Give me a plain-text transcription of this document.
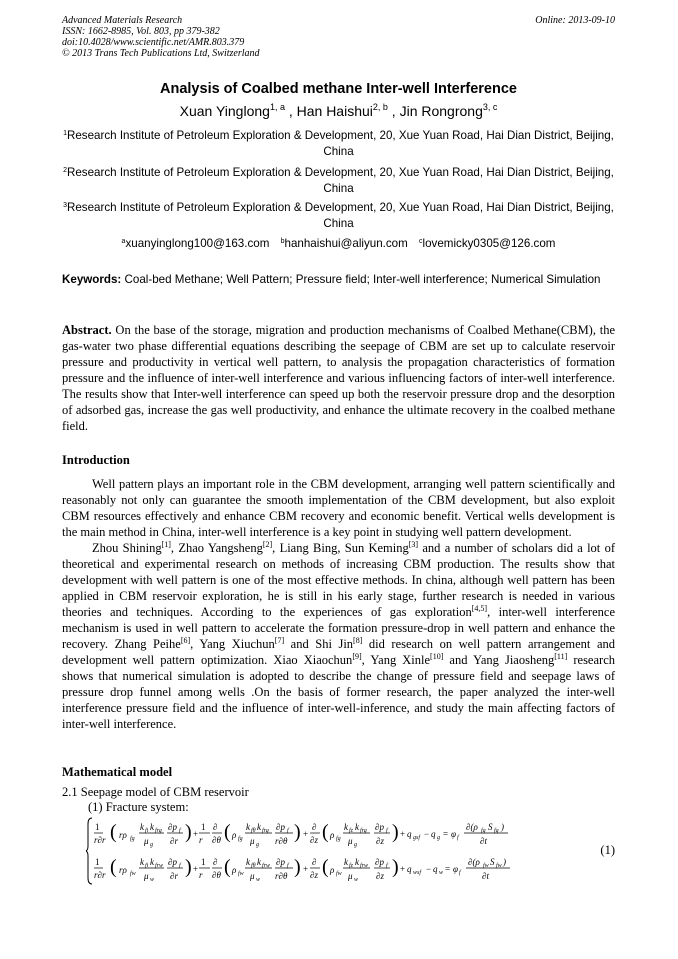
Advanced Materials Research
ISSN: 1662-8985, Vol. 803, pp 379-382
doi:10.4028/www.scientific.net/AMR.803.379
© 2013 Trans Tech Publications Ltd, Switzerland
Online: 2013-09-10
Analysis of Coalbed methane Inter-well Interference
Xuan Yinglong$^{1, a}$ , Han Haishui$^{2, b}$ , Jin Rongrong$^{3, c}$
$^1$Research Institute of Petroleum Exploration & Development, 20, Xue Yuan Road, Hai Dian District, Beijing, China
$^2$Research Institute of Petroleum Exploration & Development, 20, Xue Yuan Road, Hai Dian District, Beijing, China
$^3$Research Institute of Petroleum Exploration & Development, 20, Xue Yuan Road, Hai Dian District, Beijing, China
$^a$xuanyinglong100@163.com $^b$hanhaishui@aliyun.com $^c$lovemicky0305@126.com
Keywords: Coal-bed Methane; Well Pattern; Pressure field; Inter-well interference; Numerical Simulation
Abstract. On the base of the storage, migration and production mechanisms of Coalbed Methane(CBM), the gas-water two phase differential equations describing the seepage of CBM are set up to calculate reservoir pressure and productivity in vertical well pattern, to analysis the propagation characteristics of formation pressure and the influence of inter-well interference and various influencing factors of inter-well interference. The results show that Inter-well interference can speed up both the reservoir pressure drop and the desorption of adsorbed gas, increase the gas well productivity, and enhance the ultimate recovery in the coalbed methane field.
Introduction

Well pattern plays an important role in the CBM development, arranging well pattern scientifically and reasonably not only can guarantee the smooth implementation of the CBM development, but also exploit CBM resources effectively and enhance CBM recovery and economic benefit. Vertical wells development is the main method in China, inter-well interference is a key point in studying well pattern development.

Zhou Shining[1], Zhao Yangsheng[2], Liang Bing, Sun Keming[3] and a number of scholars did a lot of theoretical and experimental research on methods of increasing CBM production. The results show that development with well pattern is one of the most effective methods. In china, although well pattern has been applied in CBM reservoir exploration, he is still in his early stage, further research is needed in various theories and techniques. According to the experiences of gas exploration[4,5], inter-well interference mechanism is used in well pattern to accelerate the formation pressure-drop in well pattern and enhance the recovery. Zhang Peihe[6], Yang Xiuchun[7] and Shi Jin[8] did research on well pattern arrangement and development well pattern optimization. Xiao Xiaochun[9], Yang Xinle[10] and Yang Jiaosheng[11] research shows that numerical simulation is adopted to describe the change of pressure field and seepage laws of pressure drop funnel among wells .On the basis of former research, the paper analyzed the inter-well interference pressure field and the influence of inter-well-inference, and study the main affecting factors of inter-well interference.

Mathematical model
2.1 Seepage model of CBM reservoir
(1) Fracture system:
1
r∂r ( rρ fg
k fi k frg
μ g
∂p f
∂r ) +
1
r
∂
∂θ ( ρ fg
k fθ k frg
μ g
∂p f
r∂θ ) +
∂
∂z ( ρ fg
k fz k frg
μ g
∂p f
∂z ) + q gsf − q g = φ f
∂(ρ fg S fg )
∂t
1
r∂r ( rρ fw
k fi k frw
μ w
∂p f
∂r ) +
1
r
∂
∂θ ( ρ fw
k fθ k frw
μ w
∂p f
r∂θ ) +
∂
∂z ( ρ fw
k fz k frw
μ w
∂p f
∂z ) + q wsf − q w = φ f
∂(ρ fw S fw )
∂t
(1)
